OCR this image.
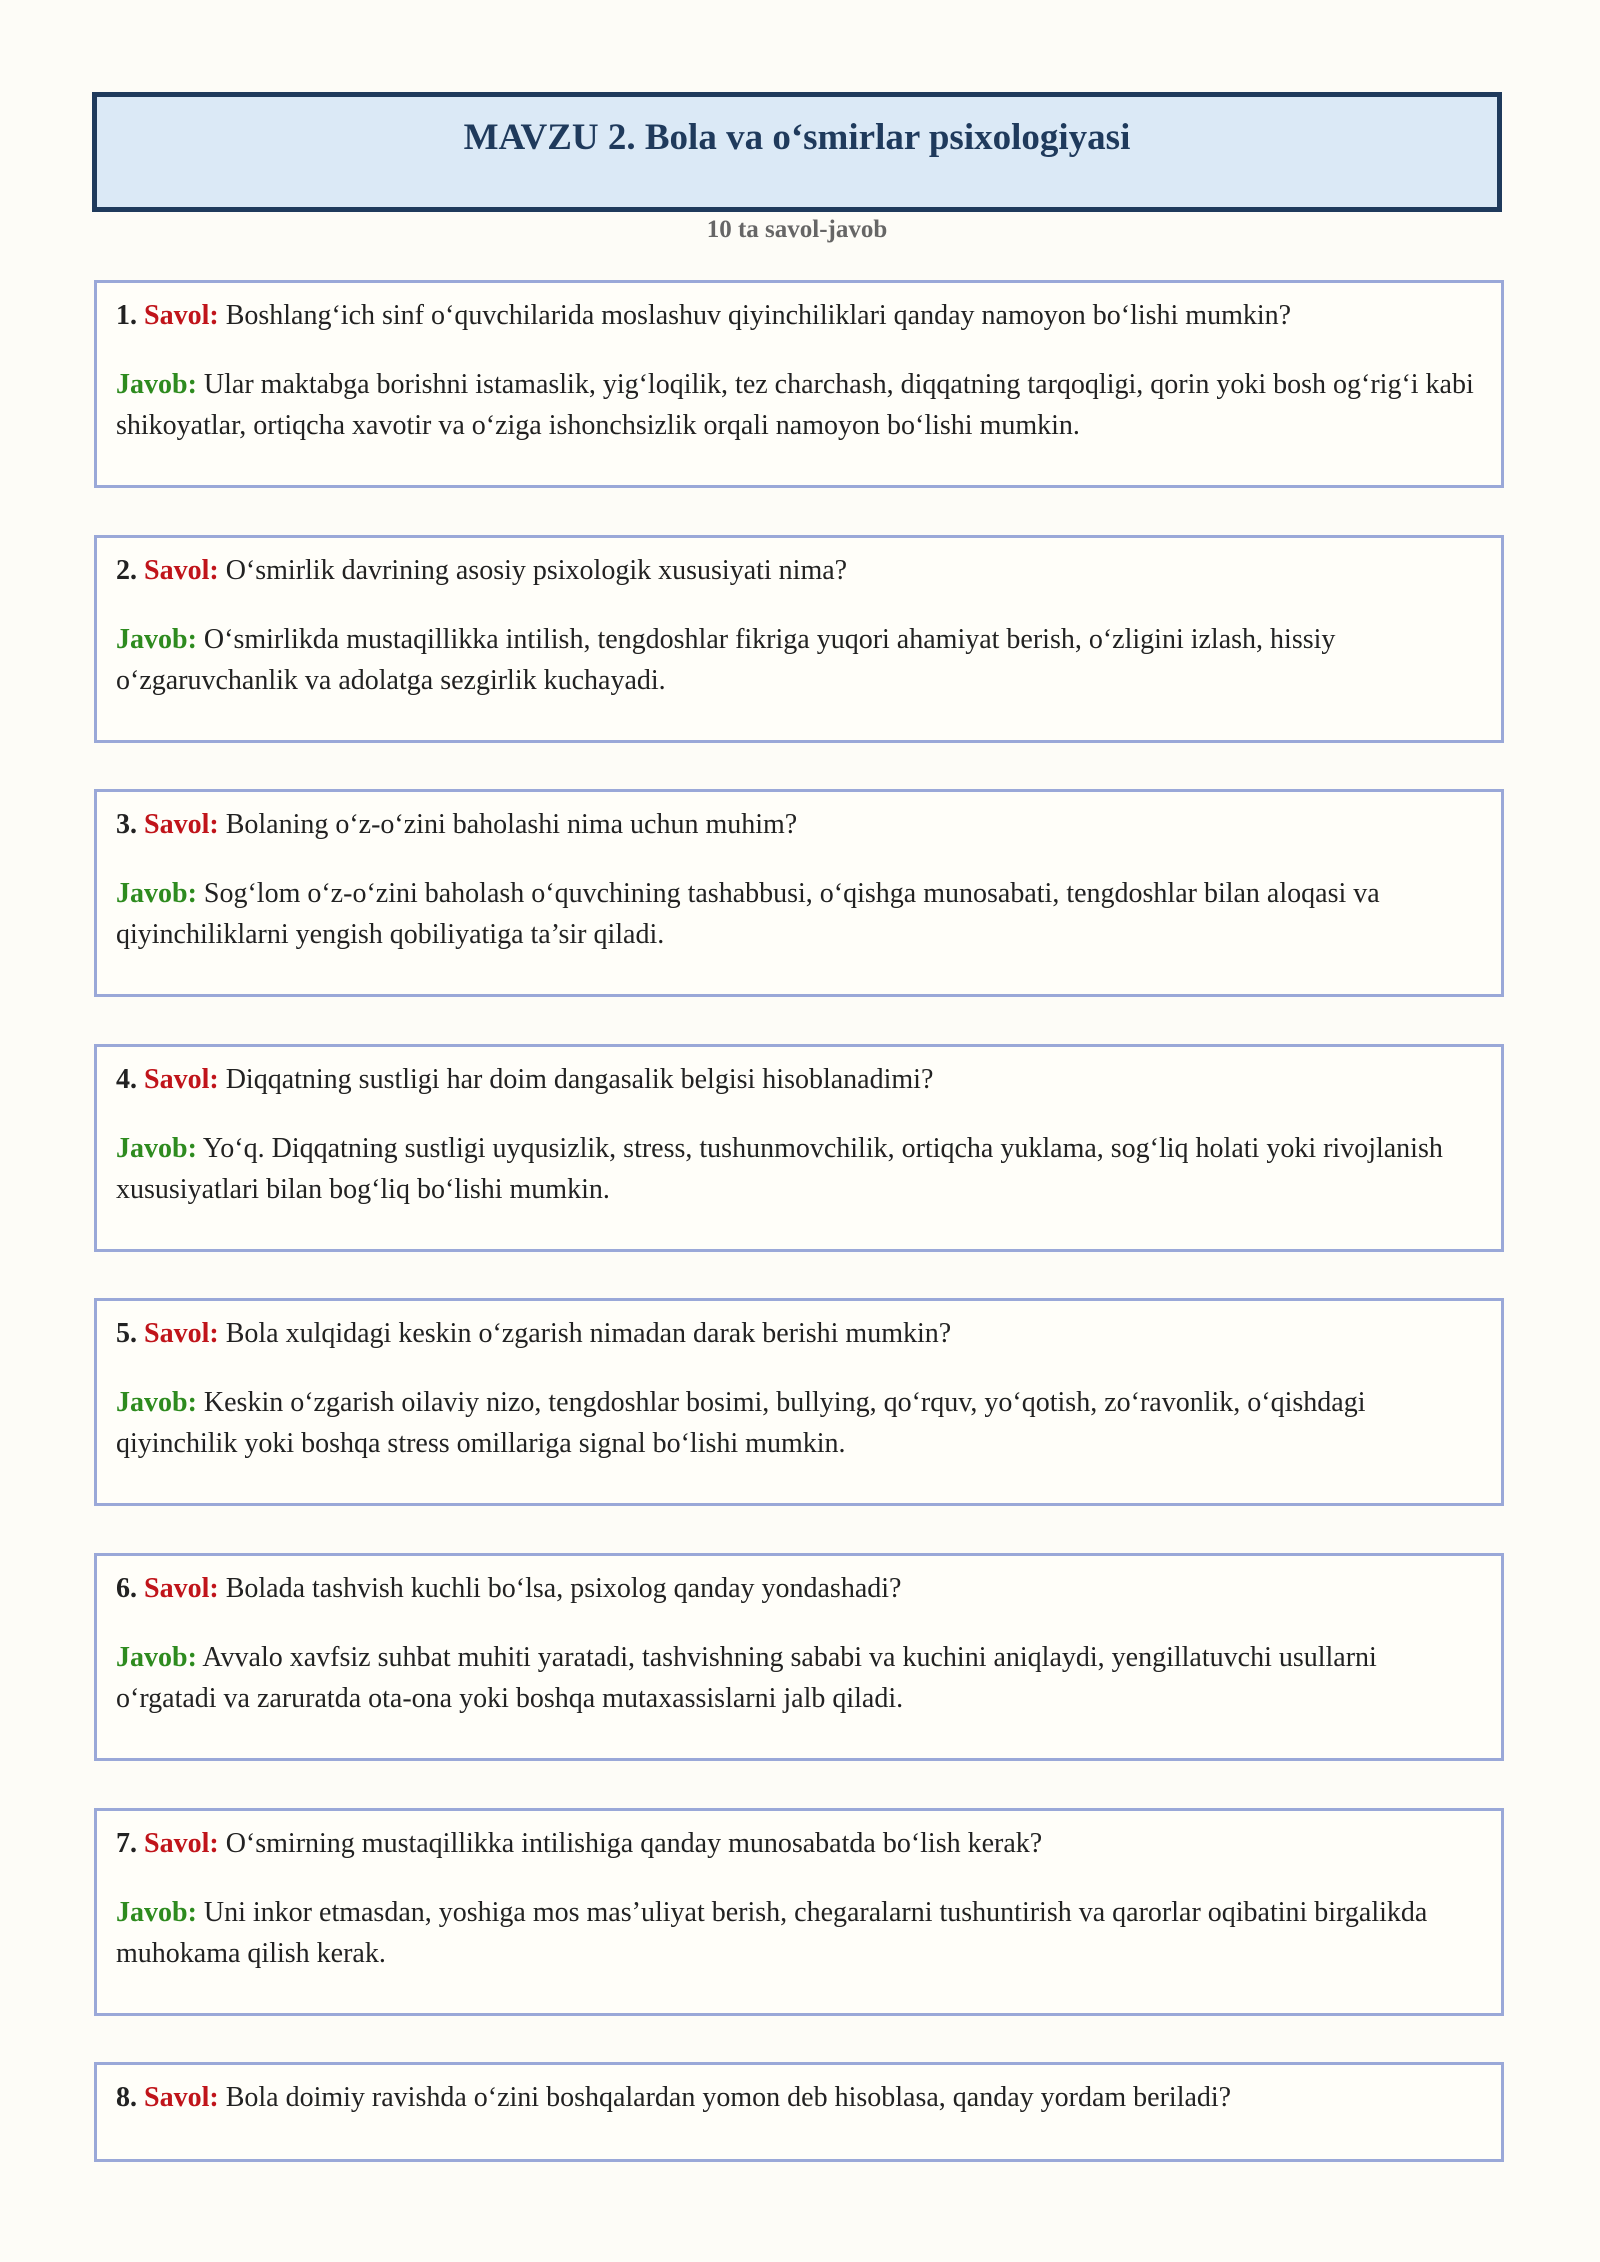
MAVZU 2. Bola va o‘smirlar psixologiyasi
10 ta savol-javob
1. Savol: Boshlang‘ich sinf o‘quvchilarida moslashuv qiyinchiliklari qanday namoyon bo‘lishi mumkin?
Javob: Ular maktabga borishni istamaslik, yig‘loqilik, tez charchash, diqqatning tarqoqligi, qorin yoki bosh og‘rig‘i kabi shikoyatlar, ortiqcha xavotir va o‘ziga ishonchsizlik orqali namoyon bo‘lishi mumkin.
2. Savol: O‘smirlik davrining asosiy psixologik xususiyati nima?
Javob: O‘smirlikda mustaqillikka intilish, tengdoshlar fikriga yuqori ahamiyat berish, o‘zligini izlash, hissiy o‘zgaruvchanlik va adolatga sezgirlik kuchayadi.
3. Savol: Bolaning o‘z-o‘zini baholashi nima uchun muhim?
Javob: Sog‘lom o‘z-o‘zini baholash o‘quvchining tashabbusi, o‘qishga munosabati, tengdoshlar bilan aloqasi va qiyinchiliklarni yengish qobiliyatiga ta’sir qiladi.
4. Savol: Diqqatning sustligi har doim dangasalik belgisi hisoblanadimi?
Javob: Yo‘q. Diqqatning sustligi uyqusizlik, stress, tushunmovchilik, ortiqcha yuklama, sog‘liq holati yoki rivojlanish xususiyatlari bilan bog‘liq bo‘lishi mumkin.
5. Savol: Bola xulqidagi keskin o‘zgarish nimadan darak berishi mumkin?
Javob: Keskin o‘zgarish oilaviy nizo, tengdoshlar bosimi, bullying, qo‘rquv, yo‘qotish, zo‘ravonlik, o‘qishdagi qiyinchilik yoki boshqa stress omillariga signal bo‘lishi mumkin.
6. Savol: Bolada tashvish kuchli bo‘lsa, psixolog qanday yondashadi?
Javob: Avvalo xavfsiz suhbat muhiti yaratadi, tashvishning sababi va kuchini aniqlaydi, yengillatuvchi usullarni o‘rgatadi va zaruratda ota-ona yoki boshqa mutaxassislarni jalb qiladi.
7. Savol: O‘smirning mustaqillikka intilishiga qanday munosabatda bo‘lish kerak?
Javob: Uni inkor etmasdan, yoshiga mos mas’uliyat berish, chegaralarni tushuntirish va qarorlar oqibatini birgalikda muhokama qilish kerak.
8. Savol: Bola doimiy ravishda o‘zini boshqalardan yomon deb hisoblasa, qanday yordam beriladi?
